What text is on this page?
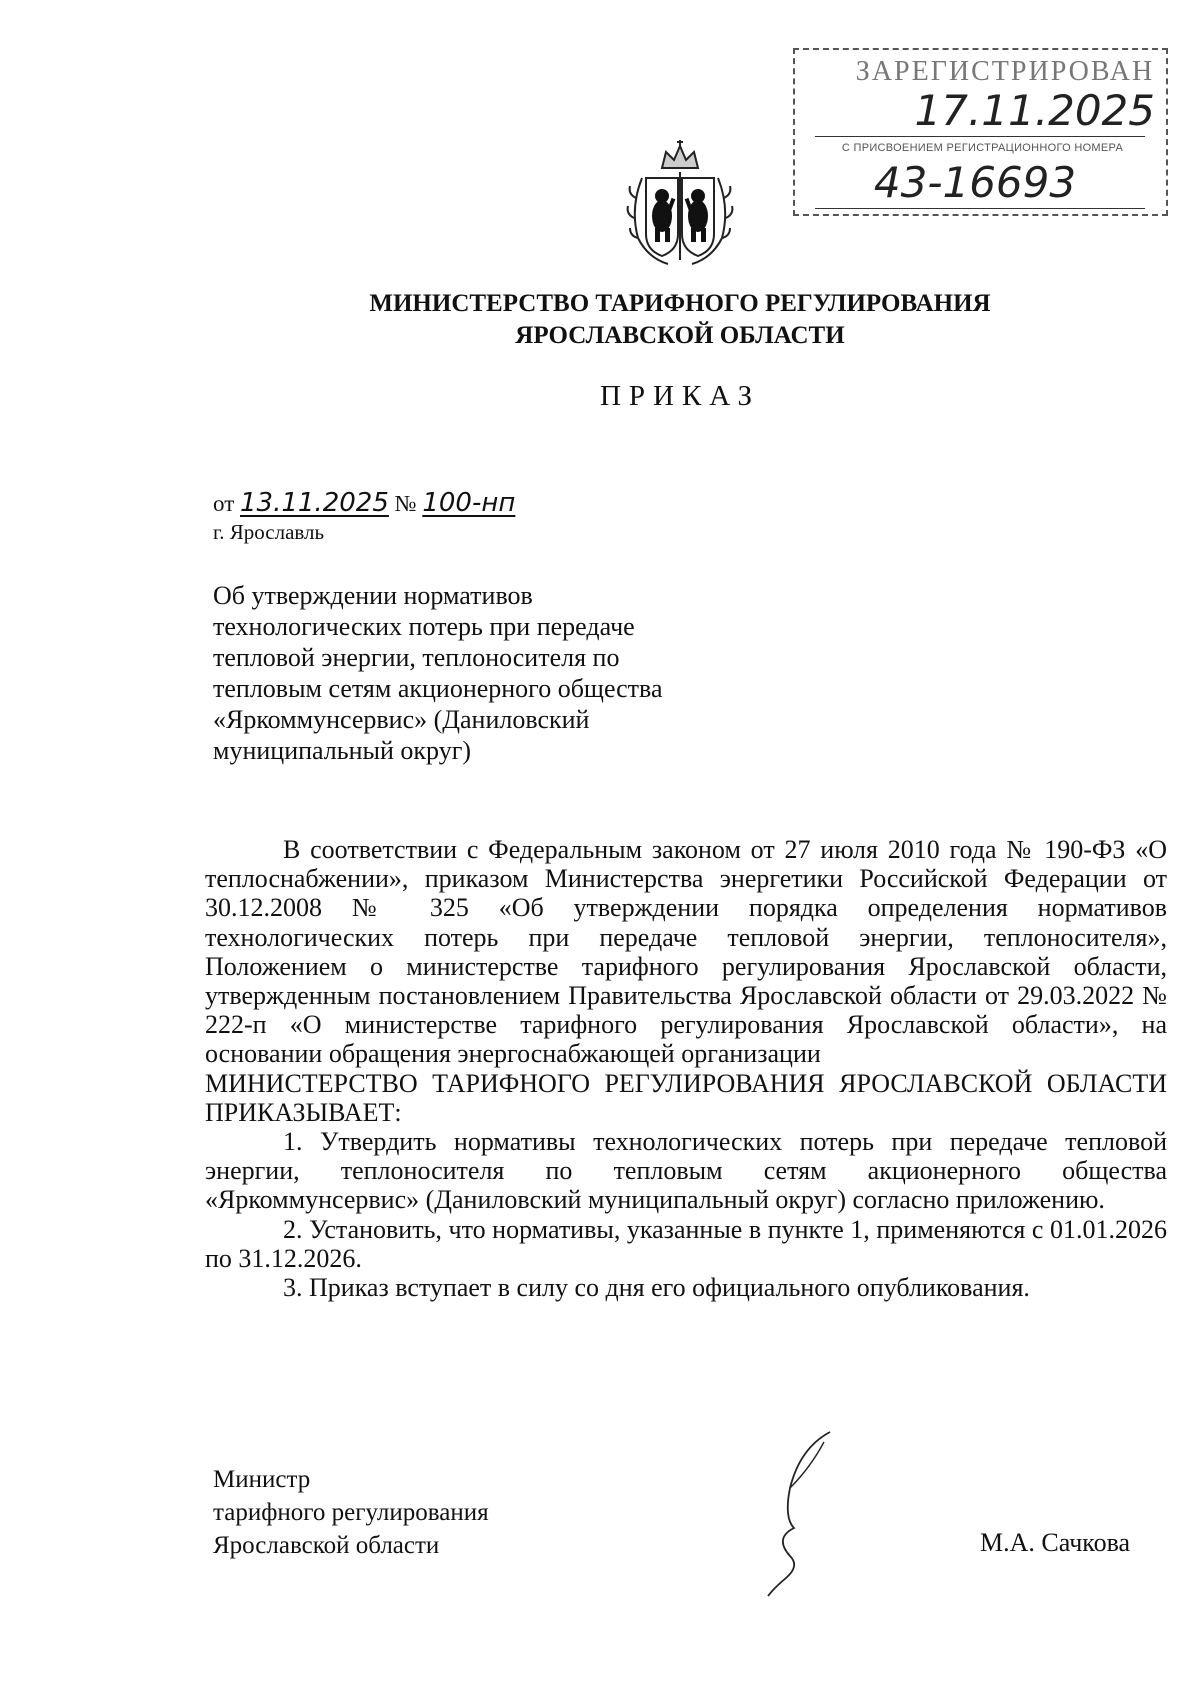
ЗАРЕГИСТРИРОВАН
17.11.2025
С ПРИСВОЕНИЕМ РЕГИСТРАЦИОННОГО НОМЕРА
43-16693
МИНИСТЕРСТВО ТАРИФНОГО РЕГУЛИРОВАНИЯ
ЯРОСЛАВСКОЙ ОБЛАСТИ
ПРИКАЗ
от 13.11.2025 № 100-нп
г. Ярославль
Об утверждении нормативов технологических потерь при передаче тепловой энергии, теплоносителя по тепловым сетям акционерного общества «Яркоммунсервис» (Даниловский муниципальный округ)

В соответствии с Федеральным законом от 27 июля 2010 года № 190-ФЗ «О теплоснабжении», приказом Министерства энергетики Российской Федерации от 30.12.2008 № 325 «Об утверждении порядка определения нормативов технологических потерь при передаче тепловой энергии, теплоносителя», Положением о министерстве тарифного регулирования Ярославской области, утвержденным постановлением Правительства Ярославской области от 29.03.2022 № 222-п «О министерстве тарифного регулирования Ярославской области», на основании обращения энергоснабжающей организации

МИНИСТЕРСТВО ТАРИФНОГО РЕГУЛИРОВАНИЯ ЯРОСЛАВСКОЙ ОБЛАСТИ ПРИКАЗЫВАЕТ:

1. Утвердить нормативы технологических потерь при передаче тепловой энергии, теплоносителя по тепловым сетям акционерного общества «Яркоммунсервис» (Даниловский муниципальный округ) согласно приложению.

2. Установить, что нормативы, указанные в пункте 1, применяются с 01.01.2026 по 31.12.2026.

3. Приказ вступает в силу со дня его официального опубликования.

Министр
тарифного регулирования
Ярославской области	М.А. Сачкова
